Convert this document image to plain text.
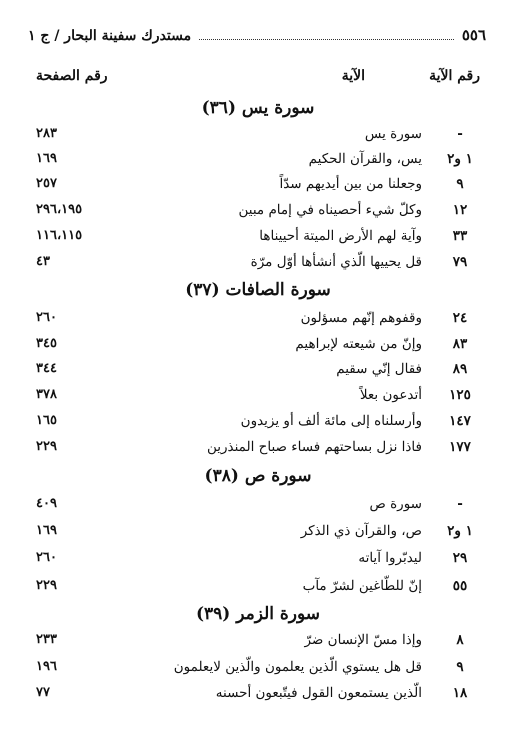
٥٥٦
مستدرك سفينة البحار / ج ١
رقم الآية
الآية
رقم الصفحة
سورة يس (٣٦)
-
سورة يس
٢٨٣
١ و٢
يس، والقرآن الحكيم
١٦٩
٩
وجعلنا من بين أيديهم سدّاً
٢٥٧
١٢
وكلّ شيء أحصيناه في إمام مبين
٢٩٦،١٩٥
٣٣
وآية لهم الأرض الميتة أحييناها
١١٦،١١٥
٧٩
قل يحييها الّذي أنشأها أوّل مرّة
٤٣
سورة الصافات (٣٧)
٢٤
وقفوهم إنّهم مسؤلون
٢٦٠
٨٣
وإنّ من شيعته لإبراهيم
٣٤٥
٨٩
فقال إنّي سقيم
٣٤٤
١٢٥
أتدعون بعلاً
٣٧٨
١٤٧
وأرسلناه إلى مائة ألف أو يزيدون
١٦٥
١٧٧
فاذا نزل بساحتهم فساء صباح المنذرين
٢٢٩
سورة ص (٣٨)
-
سورة ص
٤٠٩
١ و٢
ص، والقرآن ذي الذكر
١٦٩
٢٩
ليدبّروا آياته
٢٦٠
٥٥
إنّ للطّاغين لشرّ مآب
٢٢٩
سورة الزمر (٣٩)
٨
وإذا مسّ الإنسان ضرّ
٢٣٣
٩
قل هل يستوي الّذين يعلمون والّذين لايعلمون
١٩٦
١٨
الّذين يستمعون القول فيتّبعون أحسنه
٧٧
